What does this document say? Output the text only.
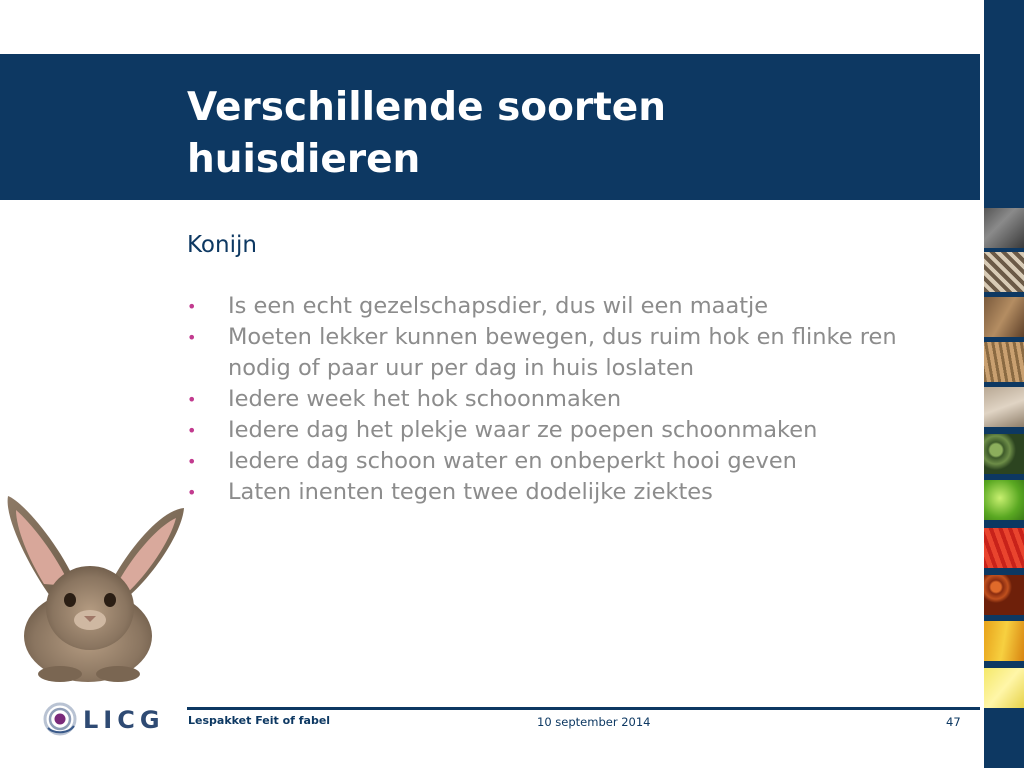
Verschillende soorten huisdieren

Konijn

• Is een echt gezelschapsdier, dus wil een maatje
• Moeten lekker kunnen bewegen, dus ruim hok en flinke ren nodig of paar uur per dag in huis loslaten
• Iedere week het hok schoonmaken
• Iedere dag het plekje waar ze poepen schoonmaken
• Iedere dag schoon water en onbeperkt hooi geven
• Laten inenten tegen twee dodelijke ziektes

LICG Lespakket Feit of fabel	10 september 2014	47
